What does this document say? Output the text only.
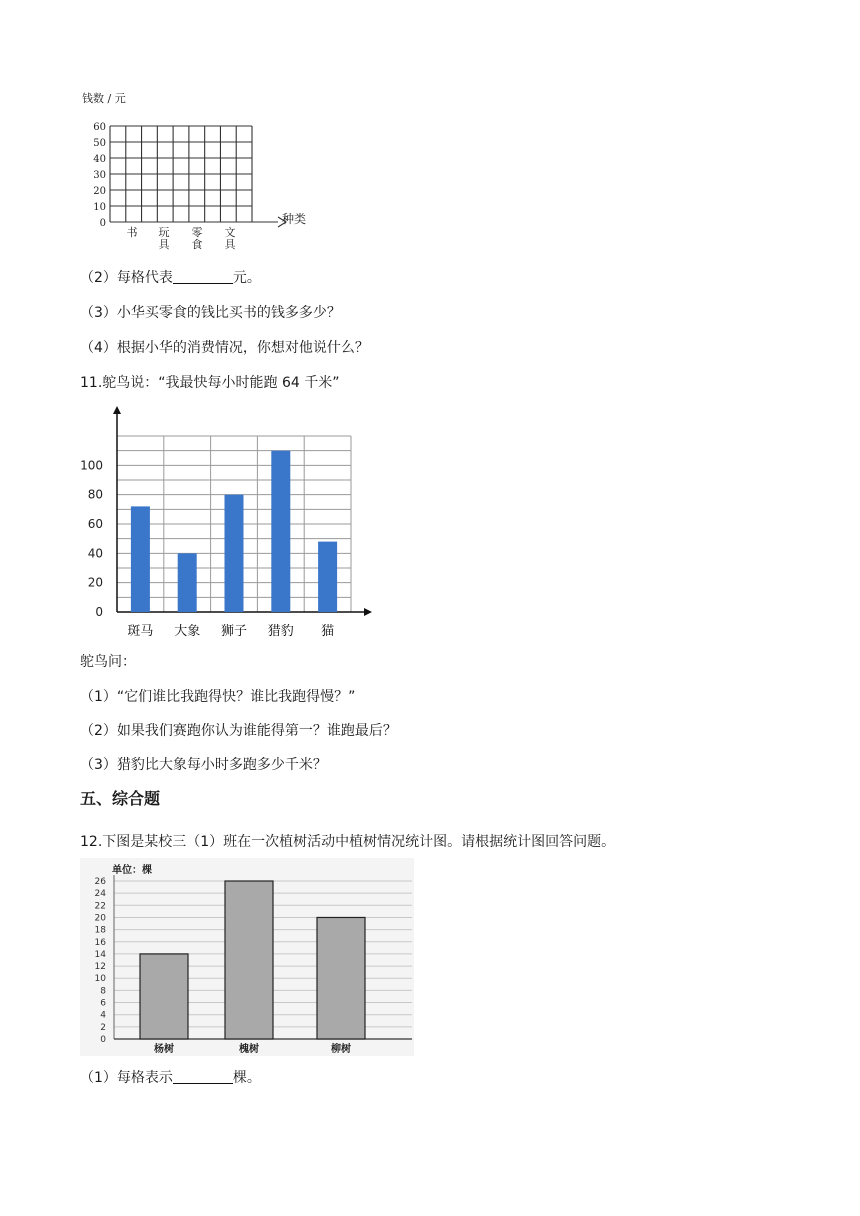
钱数 / 元
0
10
20
30
40
50
60
书 玩具
零食
文具
种类
（2）每格代表	元。
（3）小华买零食的钱比买书的钱多多少？
（4）根据小华的消费情况，你想对他说什么？
11.鸵鸟说：“我最快每小时能跑 64 千米”
0
20
40
60
80
100
斑马 大象 狮子 猎豹 猫
鸵鸟问：
（1）“它们谁比我跑得快？谁比我跑得慢？”
（2）如果我们赛跑你认为谁能得第一？谁跑最后？
（3）猎豹比大象每小时多跑多少千米？
五、综合题
12.下图是某校三（1）班在一次植树活动中植树情况统计图。请根据统计图回答问题。
单位：棵
0
2
4
6
8
10
12
14
16
18
20
22
24
26
杨树	槐树	柳树
（1）每格表示	棵。
